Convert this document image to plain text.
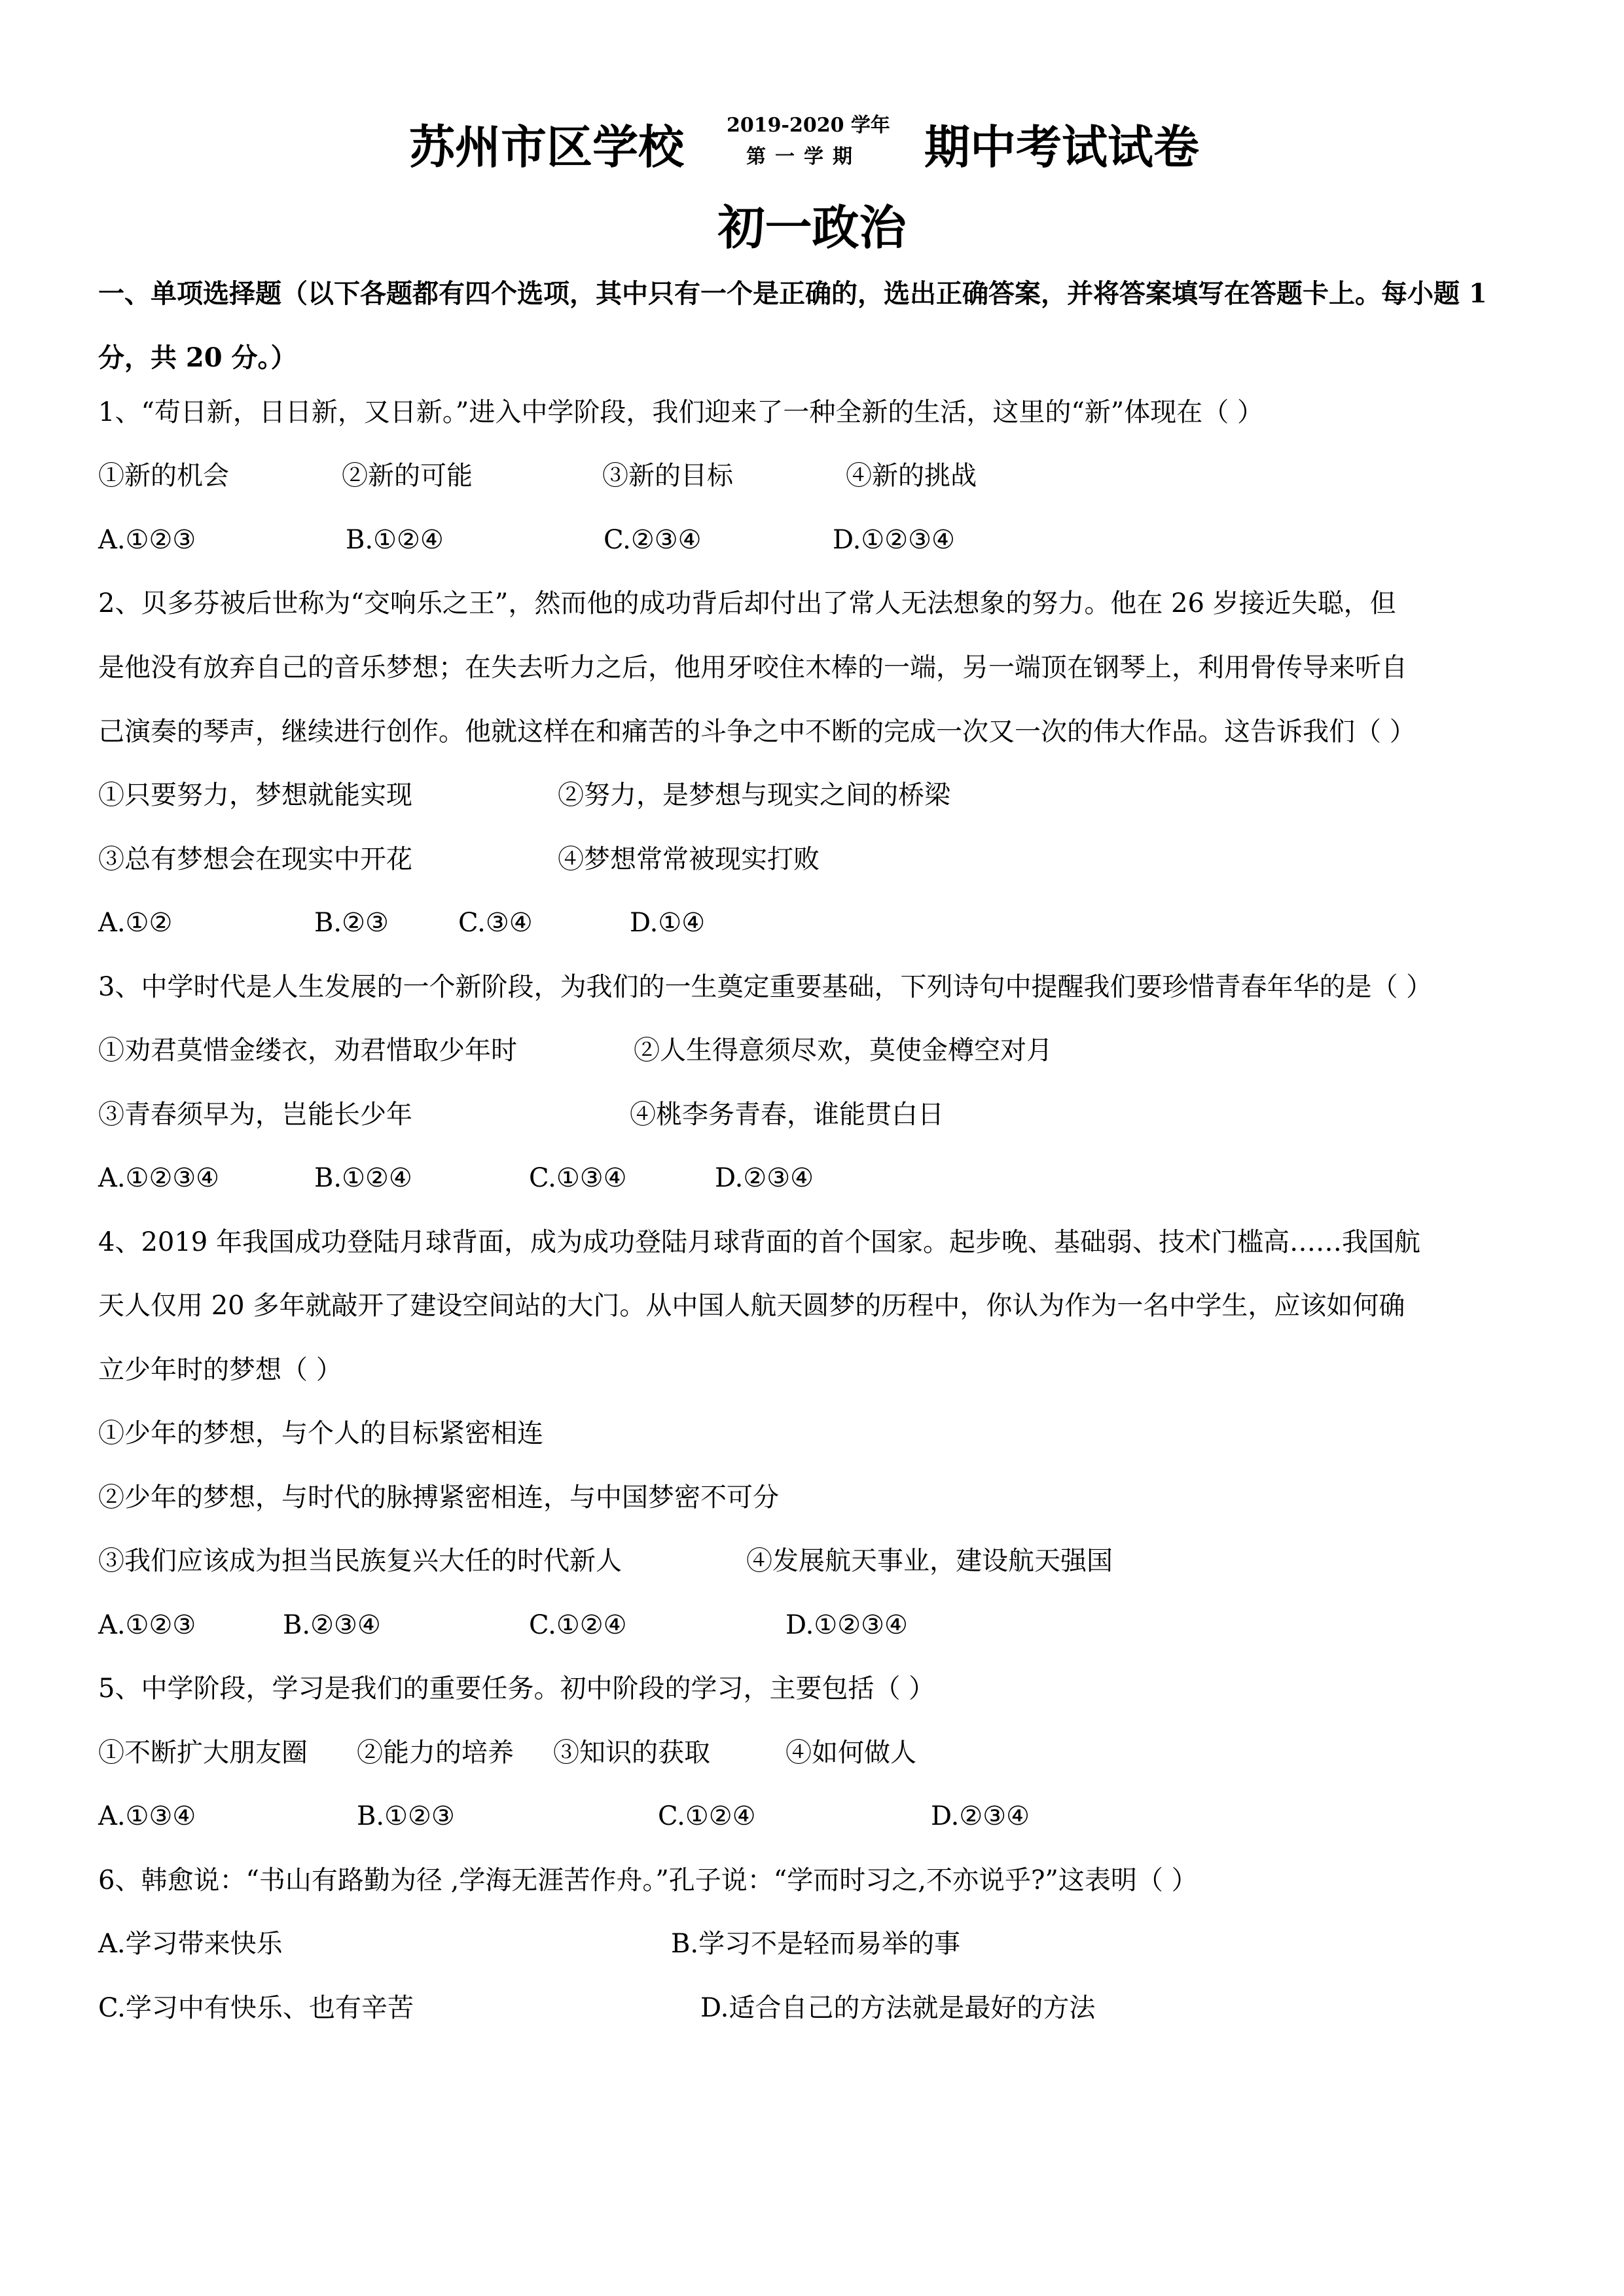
苏州市区学校 2019-2020 学年
第一学期 期中考试试卷
初一政治
一、单项选择题（以下各题都有四个选项，其中只有一个是正确的，选出正确答案，并将答案填写在答题卡上。每小题 1 分，共 20 分。）
1、“苟日新，日日新，又日新。”进入中学阶段，我们迎来了一种全新的生活，这里的“新”体现在（ ）
①新的机会	②新的可能	③新的目标	④新的挑战
A.①②③	B.①②④	C.②③④	D.①②③④
2、贝多芬被后世称为“交响乐之王”，然而他的成功背后却付出了常人无法想象的努力。他在 26 岁接近失聪，但
是他没有放弃自己的音乐梦想；在失去听力之后，他用牙咬住木棒的一端，另一端顶在钢琴上，利用骨传导来听自
己演奏的琴声，继续进行创作。他就这样在和痛苦的斗争之中不断的完成一次又一次的伟大作品。这告诉我们（ ）
①只要努力，梦想就能实现	②努力，是梦想与现实之间的桥梁
③总有梦想会在现实中开花	④梦想常常被现实打败
A.①②	B.②③	C.③④	D.①④
3、中学时代是人生发展的一个新阶段，为我们的一生奠定重要基础，下列诗句中提醒我们要珍惜青春年华的是（ ）
①劝君莫惜金缕衣，劝君惜取少年时	②人生得意须尽欢，莫使金樽空对月
③青春须早为，岂能长少年	④桃李务青春，谁能贯白日
A.①②③④	B.①②④	C.①③④	D.②③④
4、2019 年我国成功登陆月球背面，成为成功登陆月球背面的首个国家。起步晚、基础弱、技术门槛高……我国航
天人仅用 20 多年就敲开了建设空间站的大门。从中国人航天圆梦的历程中，你认为作为一名中学生，应该如何确
立少年时的梦想（ ）
①少年的梦想，与个人的目标紧密相连
②少年的梦想，与时代的脉搏紧密相连，与中国梦密不可分
③我们应该成为担当民族复兴大任的时代新人	④发展航天事业，建设航天强国
A.①②③	B.②③④	C.①②④	D.①②③④
5、中学阶段，学习是我们的重要任务。初中阶段的学习，主要包括（ ）
①不断扩大朋友圈 ②能力的培养 ③知识的获取	④如何做人
A.①③④	B.①②③	C.①②④	D.②③④
6、韩愈说：“书山有路勤为径 ,学海无涯苦作舟。”孔子说：“学而时习之,不亦说乎?”这表明（ ）
A.学习带来快乐	B.学习不是轻而易举的事
C.学习中有快乐、也有辛苦	D.适合自己的方法就是最好的方法
